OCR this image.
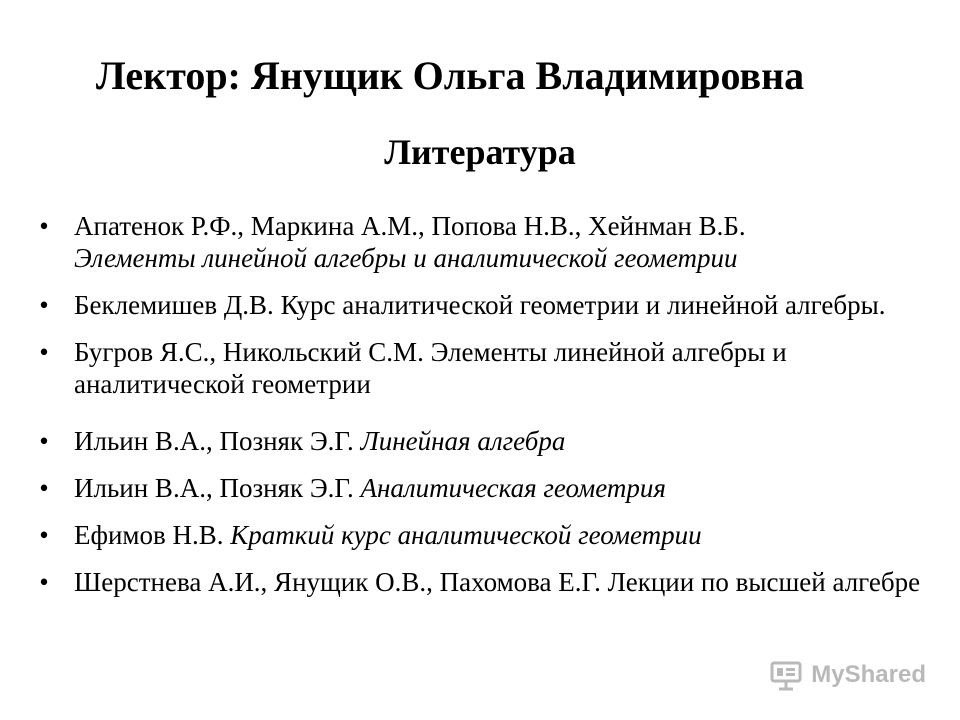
Лектор: Янущик Ольга Владимировна
Литература
• Апатенок Р.Ф., Маркина А.М., Попова Н.В., Хейнман В.Б.
Элементы линейной алгебры и аналитической геометрии
• Беклемишев Д.В. Курс аналитической геометрии и линейной алгебры.
• Бугров Я.С., Никольский С.М. Элементы линейной алгебры и аналитической геометрии
• Ильин В.А., Позняк Э.Г. Линейная алгебра
• Ильин В.А., Позняк Э.Г. Аналитическая геометрия
• Ефимов Н.В. Краткий курс аналитической геометрии
• Шерстнева А.И., Янущик О.В., Пахомова Е.Г. Лекции по высшей алгебре
MyShared
